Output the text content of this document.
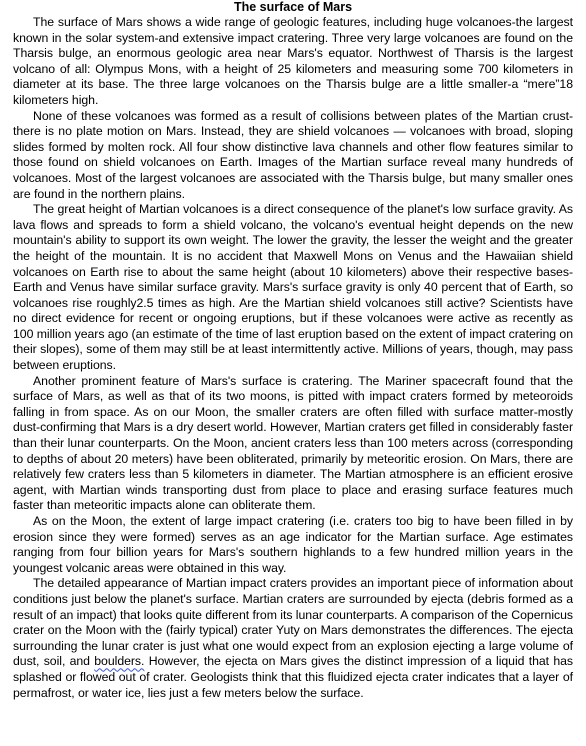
The surface of Mars

The surface of Mars shows a wide range of geologic features, including huge volcanoes-the largest known in the solar system-and extensive impact cratering. Three very large volcanoes are found on the Tharsis bulge, an enormous geologic area near Mars's equator. Northwest of Tharsis is the largest volcano of all: Olympus Mons, with a height of 25 kilometers and measuring some 700 kilometers in diameter at its base. The three large volcanoes on the Tharsis bulge are a little smaller-a “mere”18 kilometers high.

None of these volcanoes was formed as a result of collisions between plates of the Martian crust-there is no plate motion on Mars. Instead, they are shield volcanoes — volcanoes with broad, sloping slides formed by molten rock. All four show distinctive lava channels and other flow features similar to those found on shield volcanoes on Earth. Images of the Martian surface reveal many hundreds of volcanoes. Most of the largest volcanoes are associated with the Tharsis bulge, but many smaller ones are found in the northern plains.

The great height of Martian volcanoes is a direct consequence of the planet's low surface gravity. As lava flows and spreads to form a shield volcano, the volcano's eventual height depends on the new mountain's ability to support its own weight. The lower the gravity, the lesser the weight and the greater the height of the mountain. It is no accident that Maxwell Mons on Venus and the Hawaiian shield volcanoes on Earth rise to about the same height (about 10 kilometers) above their respective bases-Earth and Venus have similar surface gravity. Mars's surface gravity is only 40 percent that of Earth, so volcanoes rise roughly2.5 times as high. Are the Martian shield volcanoes still active? Scientists have no direct evidence for recent or ongoing eruptions, but if these volcanoes were active as recently as 100 million years ago (an estimate of the time of last eruption based on the extent of impact cratering on their slopes), some of them may still be at least intermittently active. Millions of years, though, may pass between eruptions.

Another prominent feature of Mars's surface is cratering. The Mariner spacecraft found that the surface of Mars, as well as that of its two moons, is pitted with impact craters formed by meteoroids falling in from space. As on our Moon, the smaller craters are often filled with surface matter-mostly dust-confirming that Mars is a dry desert world. However, Martian craters get filled in considerably faster than their lunar counterparts. On the Moon, ancient craters less than 100 meters across (corresponding to depths of about 20 meters) have been obliterated, primarily by meteoritic erosion. On Mars, there are relatively few craters less than 5 kilometers in diameter. The Martian atmosphere is an efficient erosive agent, with Martian winds transporting dust from place to place and erasing surface features much faster than meteoritic impacts alone can obliterate them.

As on the Moon, the extent of large impact cratering (i.e. craters too big to have been filled in by erosion since they were formed) serves as an age indicator for the Martian surface. Age estimates ranging from four billion years for Mars's southern highlands to a few hundred million years in the youngest volcanic areas were obtained in this way.

The detailed appearance of Martian impact craters provides an important piece of information about conditions just below the planet's surface. Martian craters are surrounded by ejecta (debris formed as a result of an impact) that looks quite different from its lunar counterparts. A comparison of the Copernicus crater on the Moon with the (fairly typical) crater Yuty on Mars demonstrates the differences. The ejecta surrounding the lunar crater is just what one would expect from an explosion ejecting a large volume of dust, soil, and boulders. However, the ejecta on Mars gives the distinct impression of a liquid that has splashed or flowed out of crater. Geologists think that this fluidized ejecta crater indicates that a layer of permafrost, or water ice, lies just a few meters below the surface.
